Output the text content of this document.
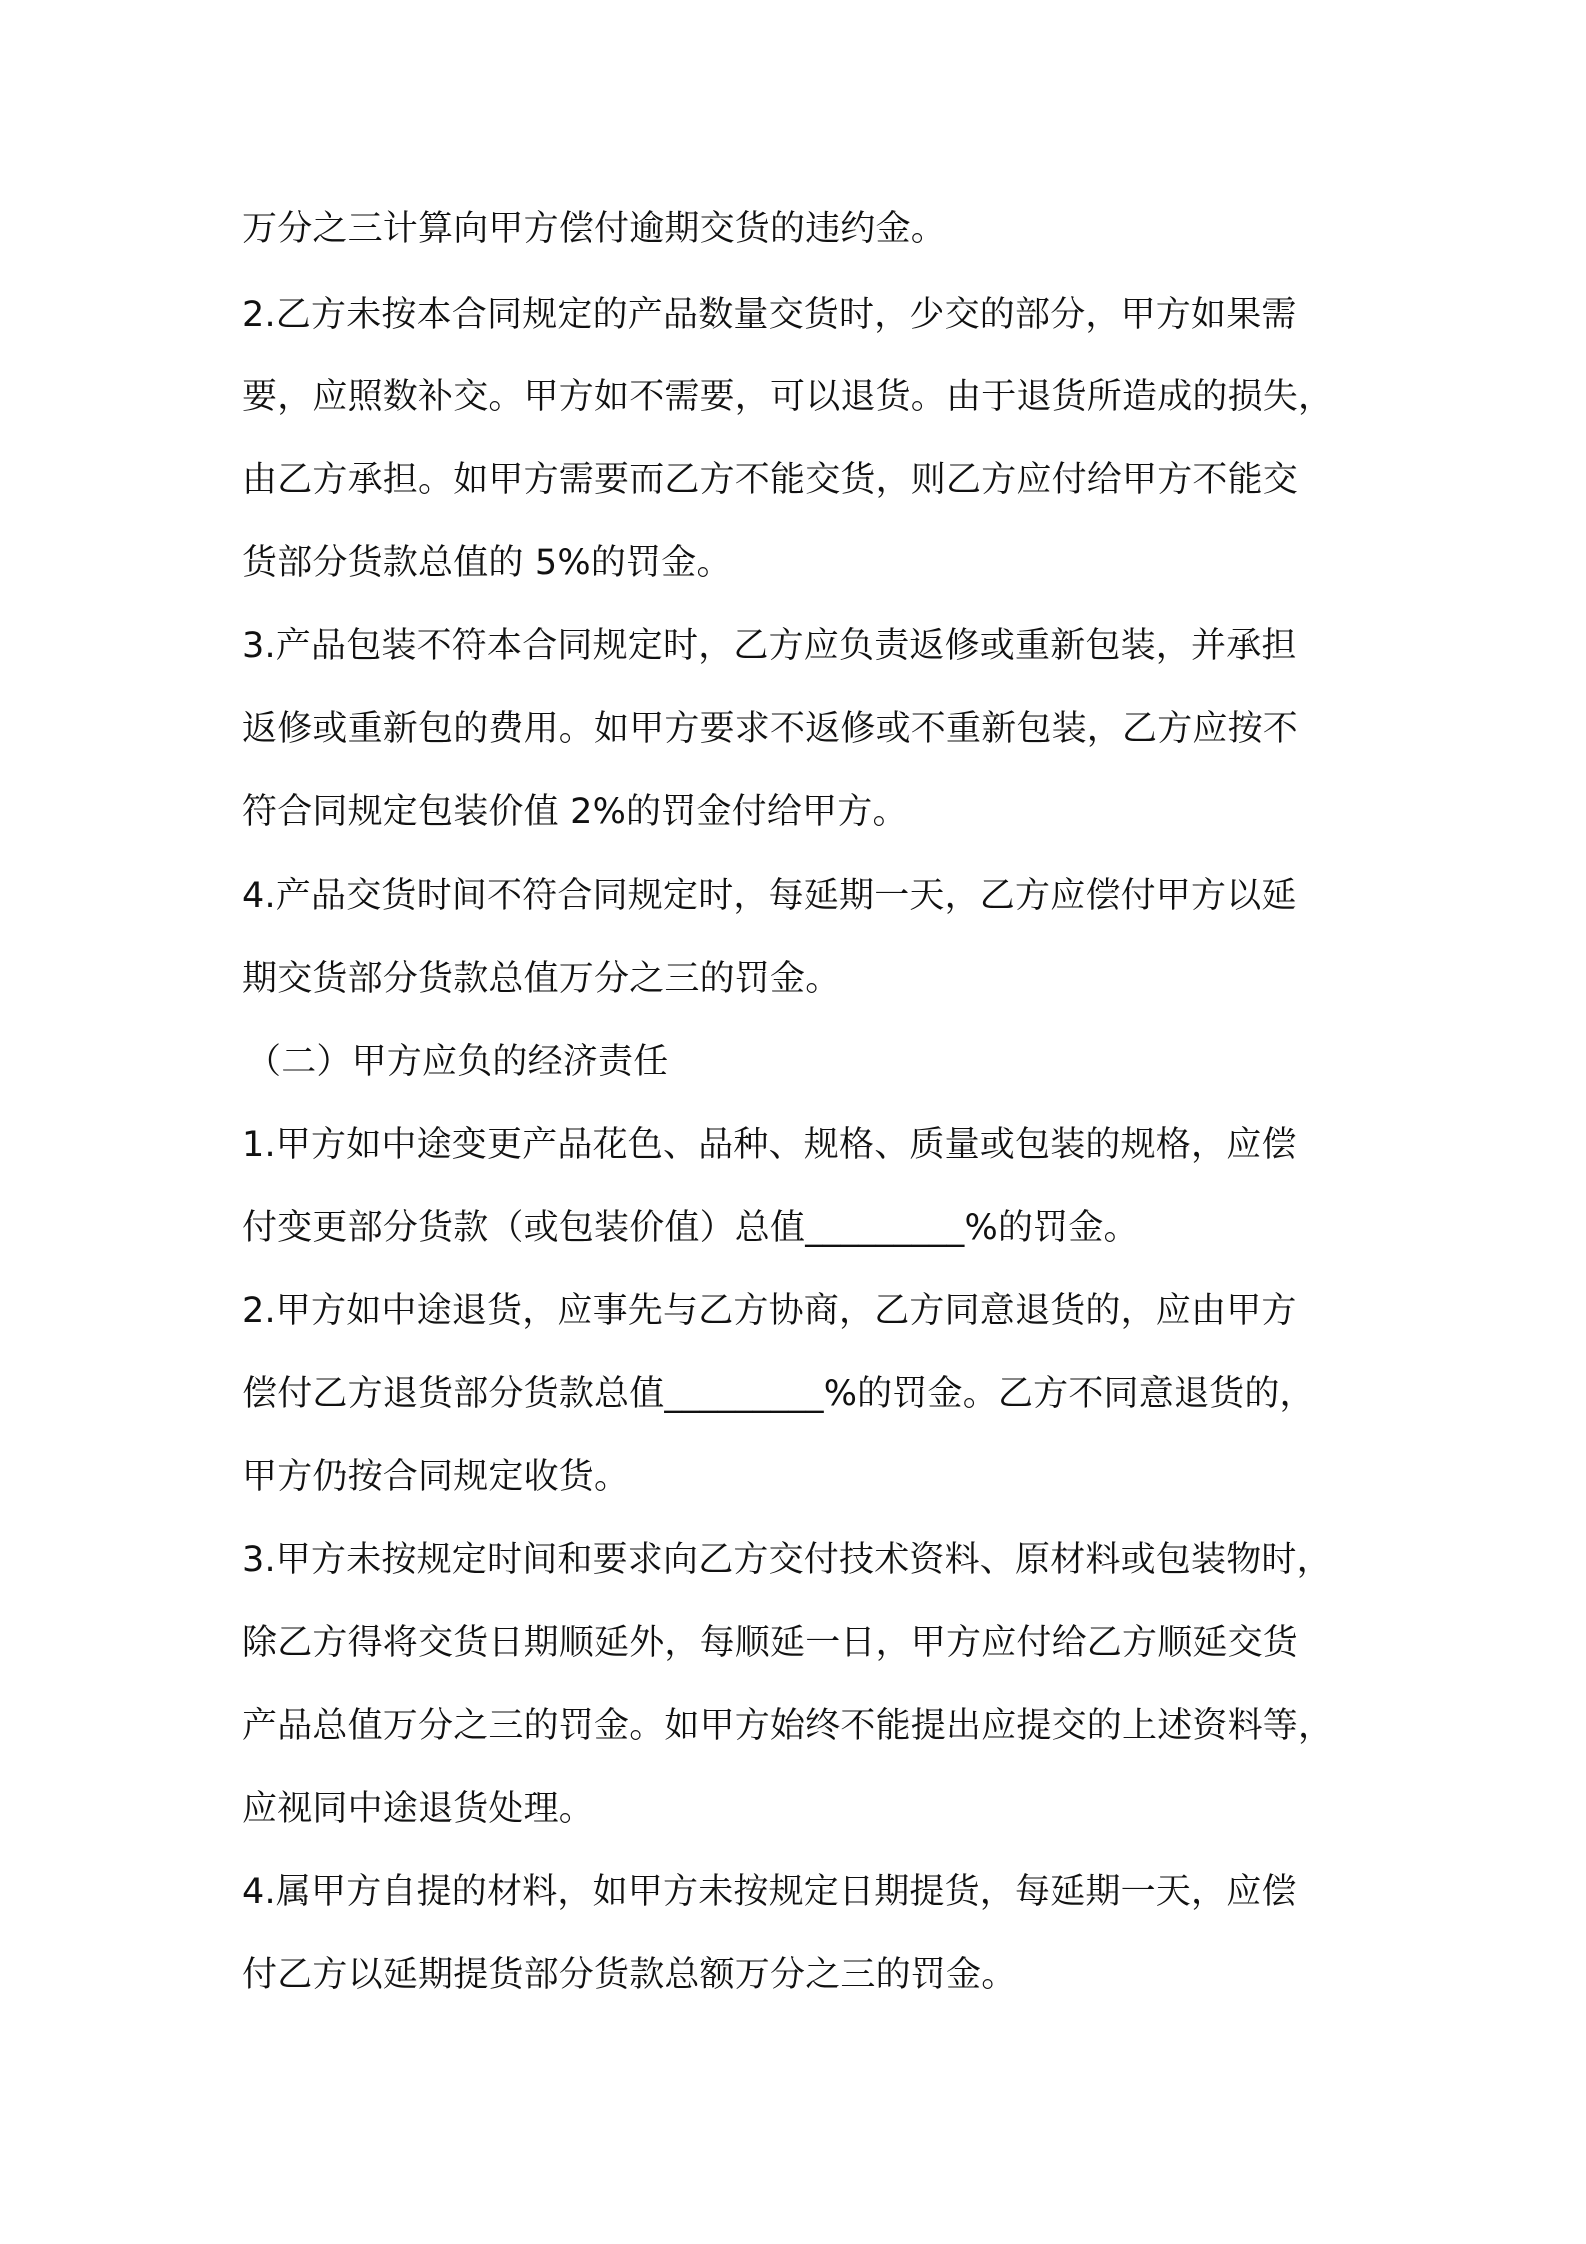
万分之三计算向甲方偿付逾期交货的违约金。
2.乙方未按本合同规定的产品数量交货时，少交的部分，甲方如果需
要，应照数补交。甲方如不需要，可以退货。由于退货所造成的损失，
由乙方承担。如甲方需要而乙方不能交货，则乙方应付给甲方不能交
货部分货款总值的 5%的罚金。
3.产品包装不符本合同规定时，乙方应负责返修或重新包装，并承担
返修或重新包的费用。如甲方要求不返修或不重新包装，乙方应按不
符合同规定包装价值 2%的罚金付给甲方。
4.产品交货时间不符合同规定时，每延期一天，乙方应偿付甲方以延
期交货部分货款总值万分之三的罚金。
（二）甲方应负的经济责任
1.甲方如中途变更产品花色、品种、规格、质量或包装的规格，应偿
付变更部分货款（或包装价值）总值_________%的罚金。
2.甲方如中途退货，应事先与乙方协商，乙方同意退货的，应由甲方
偿付乙方退货部分货款总值_________%的罚金。乙方不同意退货的，
甲方仍按合同规定收货。
3.甲方未按规定时间和要求向乙方交付技术资料、原材料或包装物时，
除乙方得将交货日期顺延外，每顺延一日，甲方应付给乙方顺延交货
产品总值万分之三的罚金。如甲方始终不能提出应提交的上述资料等，
应视同中途退货处理。
4.属甲方自提的材料，如甲方未按规定日期提货，每延期一天，应偿
付乙方以延期提货部分货款总额万分之三的罚金。
